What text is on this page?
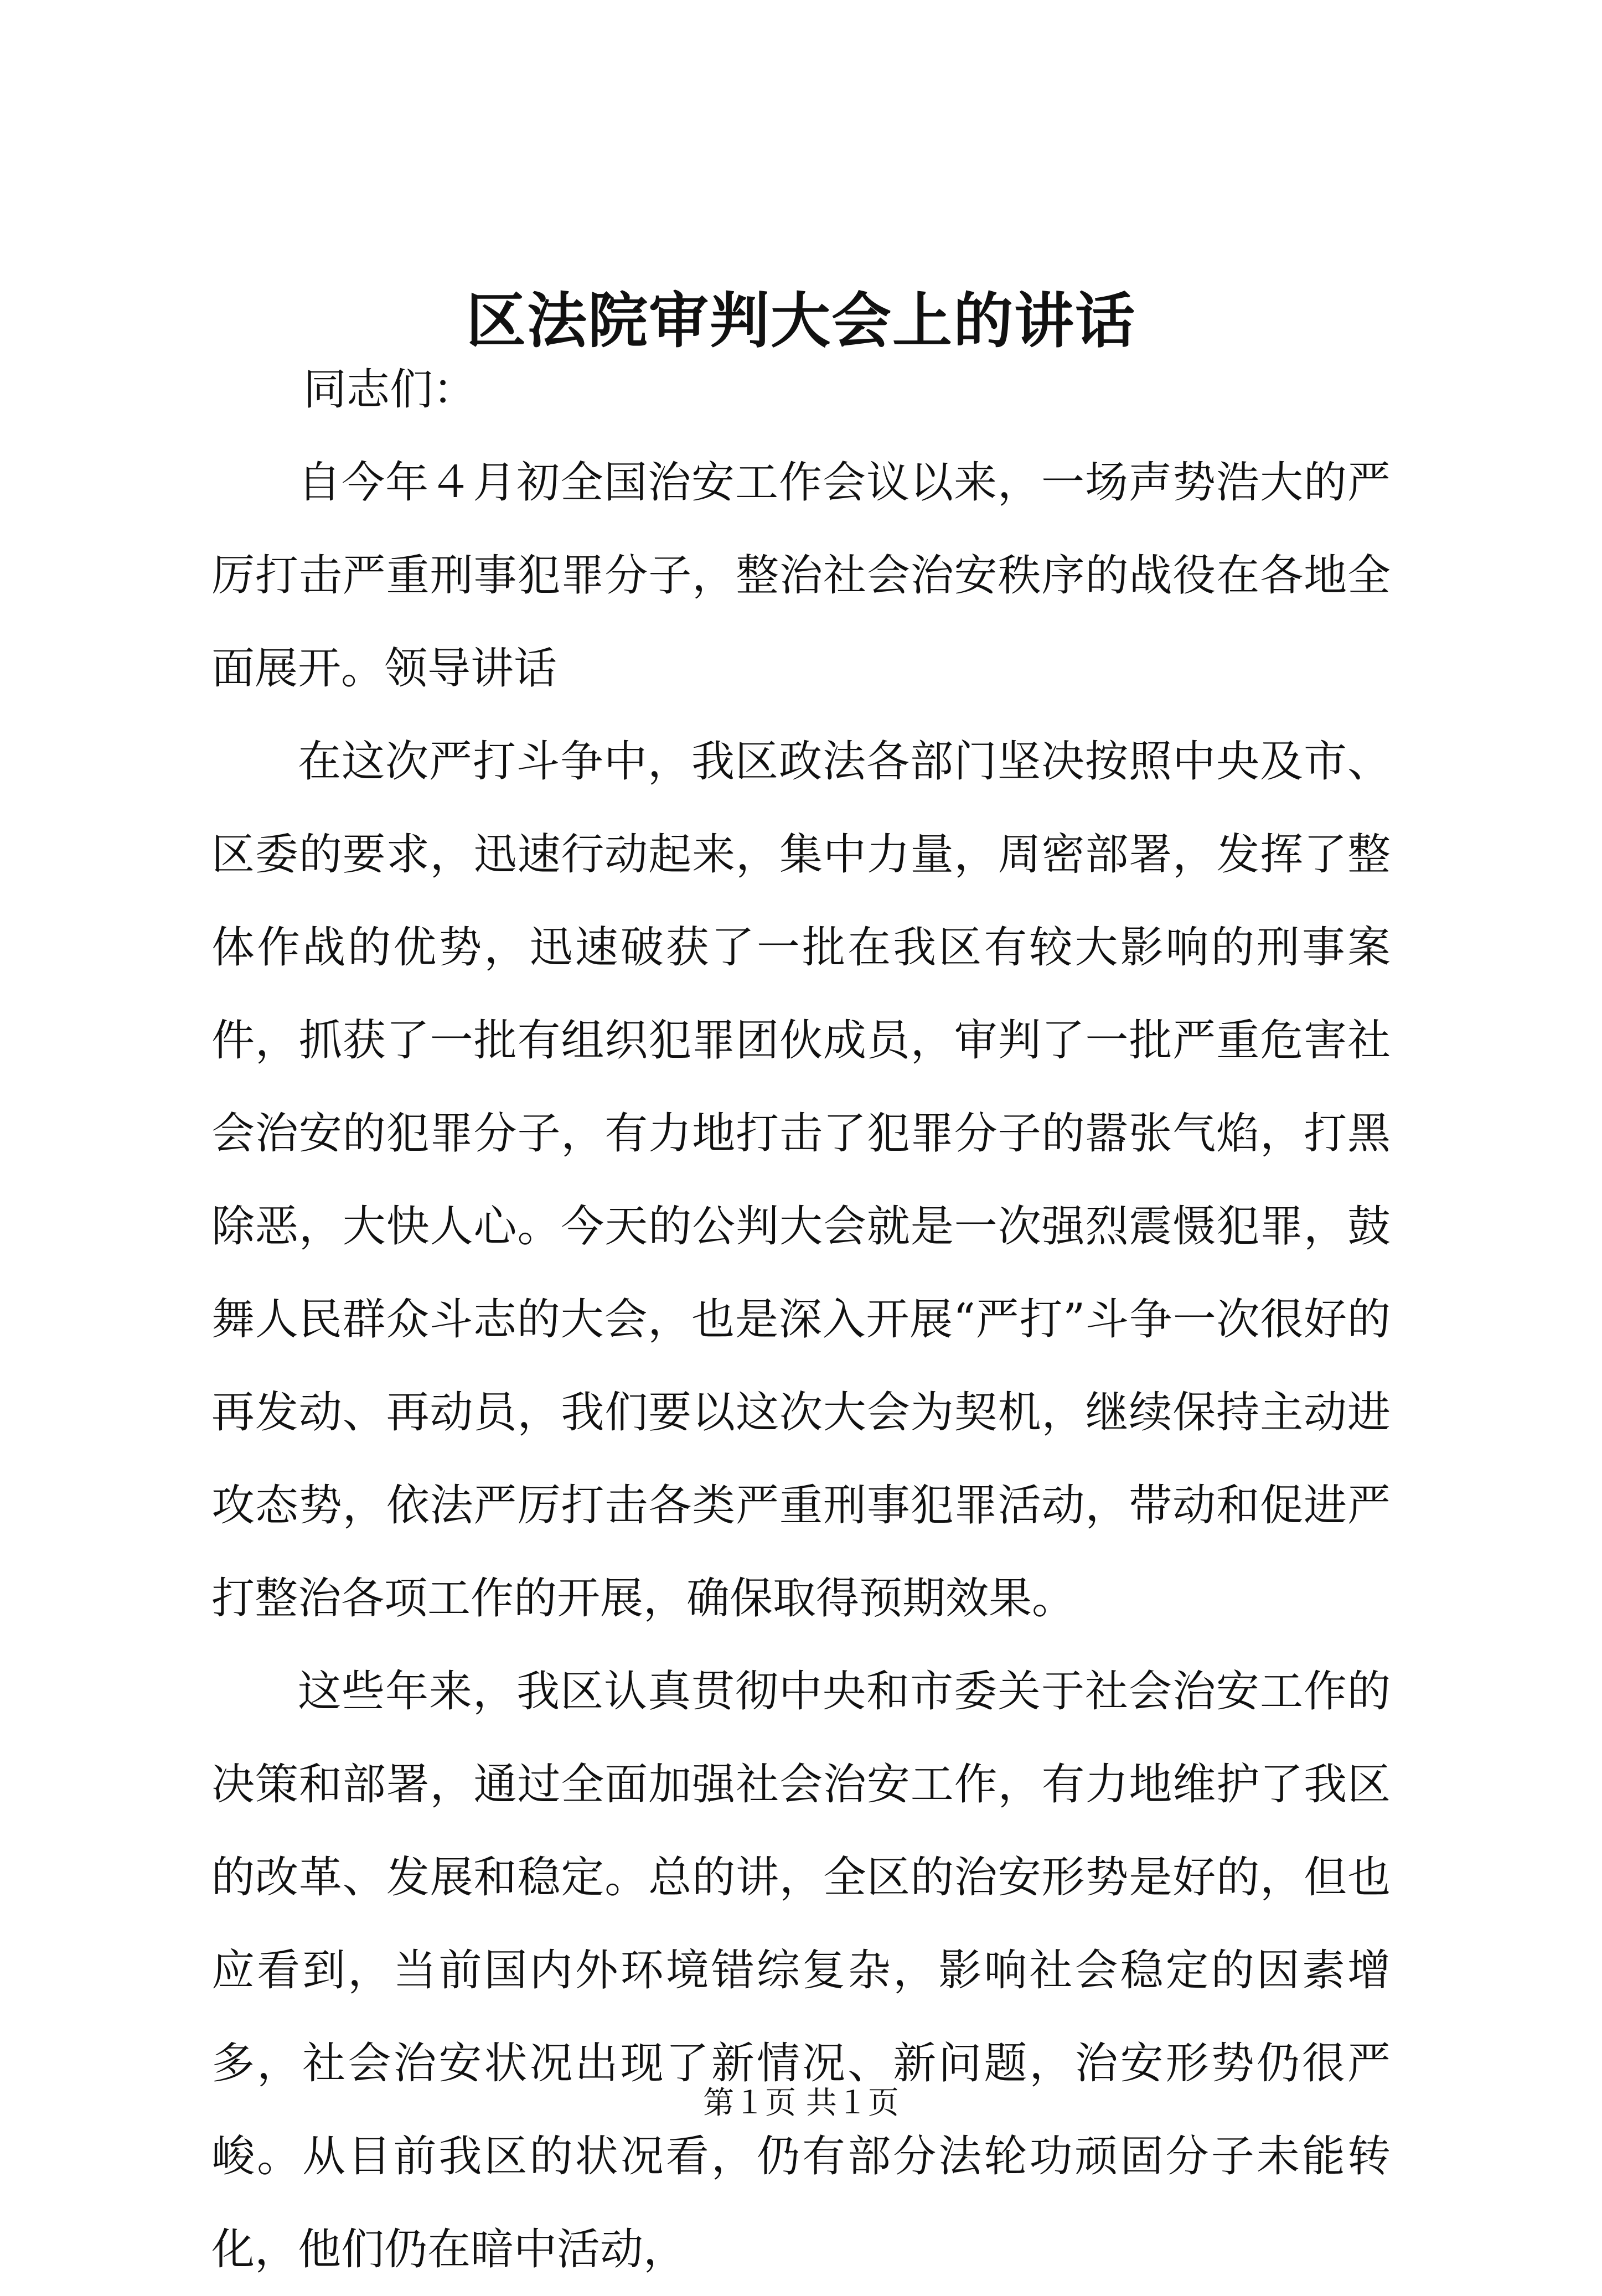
区法院审判大会上的讲话
同志们：

自今年４月初全国治安工作会议以来，一场声势浩大的严厉打击严重刑事犯罪分子，整治社会治安秩序的战役在各地全面展开。领导讲话

在这次严打斗争中，我区政法各部门坚决按照中央及市、区委的要求，迅速行动起来，集中力量，周密部署，发挥了整体作战的优势，迅速破获了一批在我区有较大影响的刑事案件，抓获了一批有组织犯罪团伙成员，审判了一批严重危害社会治安的犯罪分子，有力地打击了犯罪分子的嚣张气焰，打黑除恶，大快人心。今天的公判大会就是一次强烈震慑犯罪，鼓舞人民群众斗志的大会，也是深入开展“严打”斗争一次很好的再发动、再动员，我们要以这次大会为契机，继续保持主动进攻态势，依法严厉打击各类严重刑事犯罪活动，带动和促进严打整治各项工作的开展，确保取得预期效果。

这些年来，我区认真贯彻中央和市委关于社会治安工作的决策和部署，通过全面加强社会治安工作，有力地维护了我区的改革、发展和稳定。总的讲，全区的治安形势是好的，但也应看到，当前国内外环境错综复杂，影响社会稳定的因素增多，社会治安状况出现了新情况、新问题，治安形势仍很严峻。从目前我区的状况看，仍有部分法轮功顽固分子未能转化，他们仍在暗中活动，

第１页 共１页
